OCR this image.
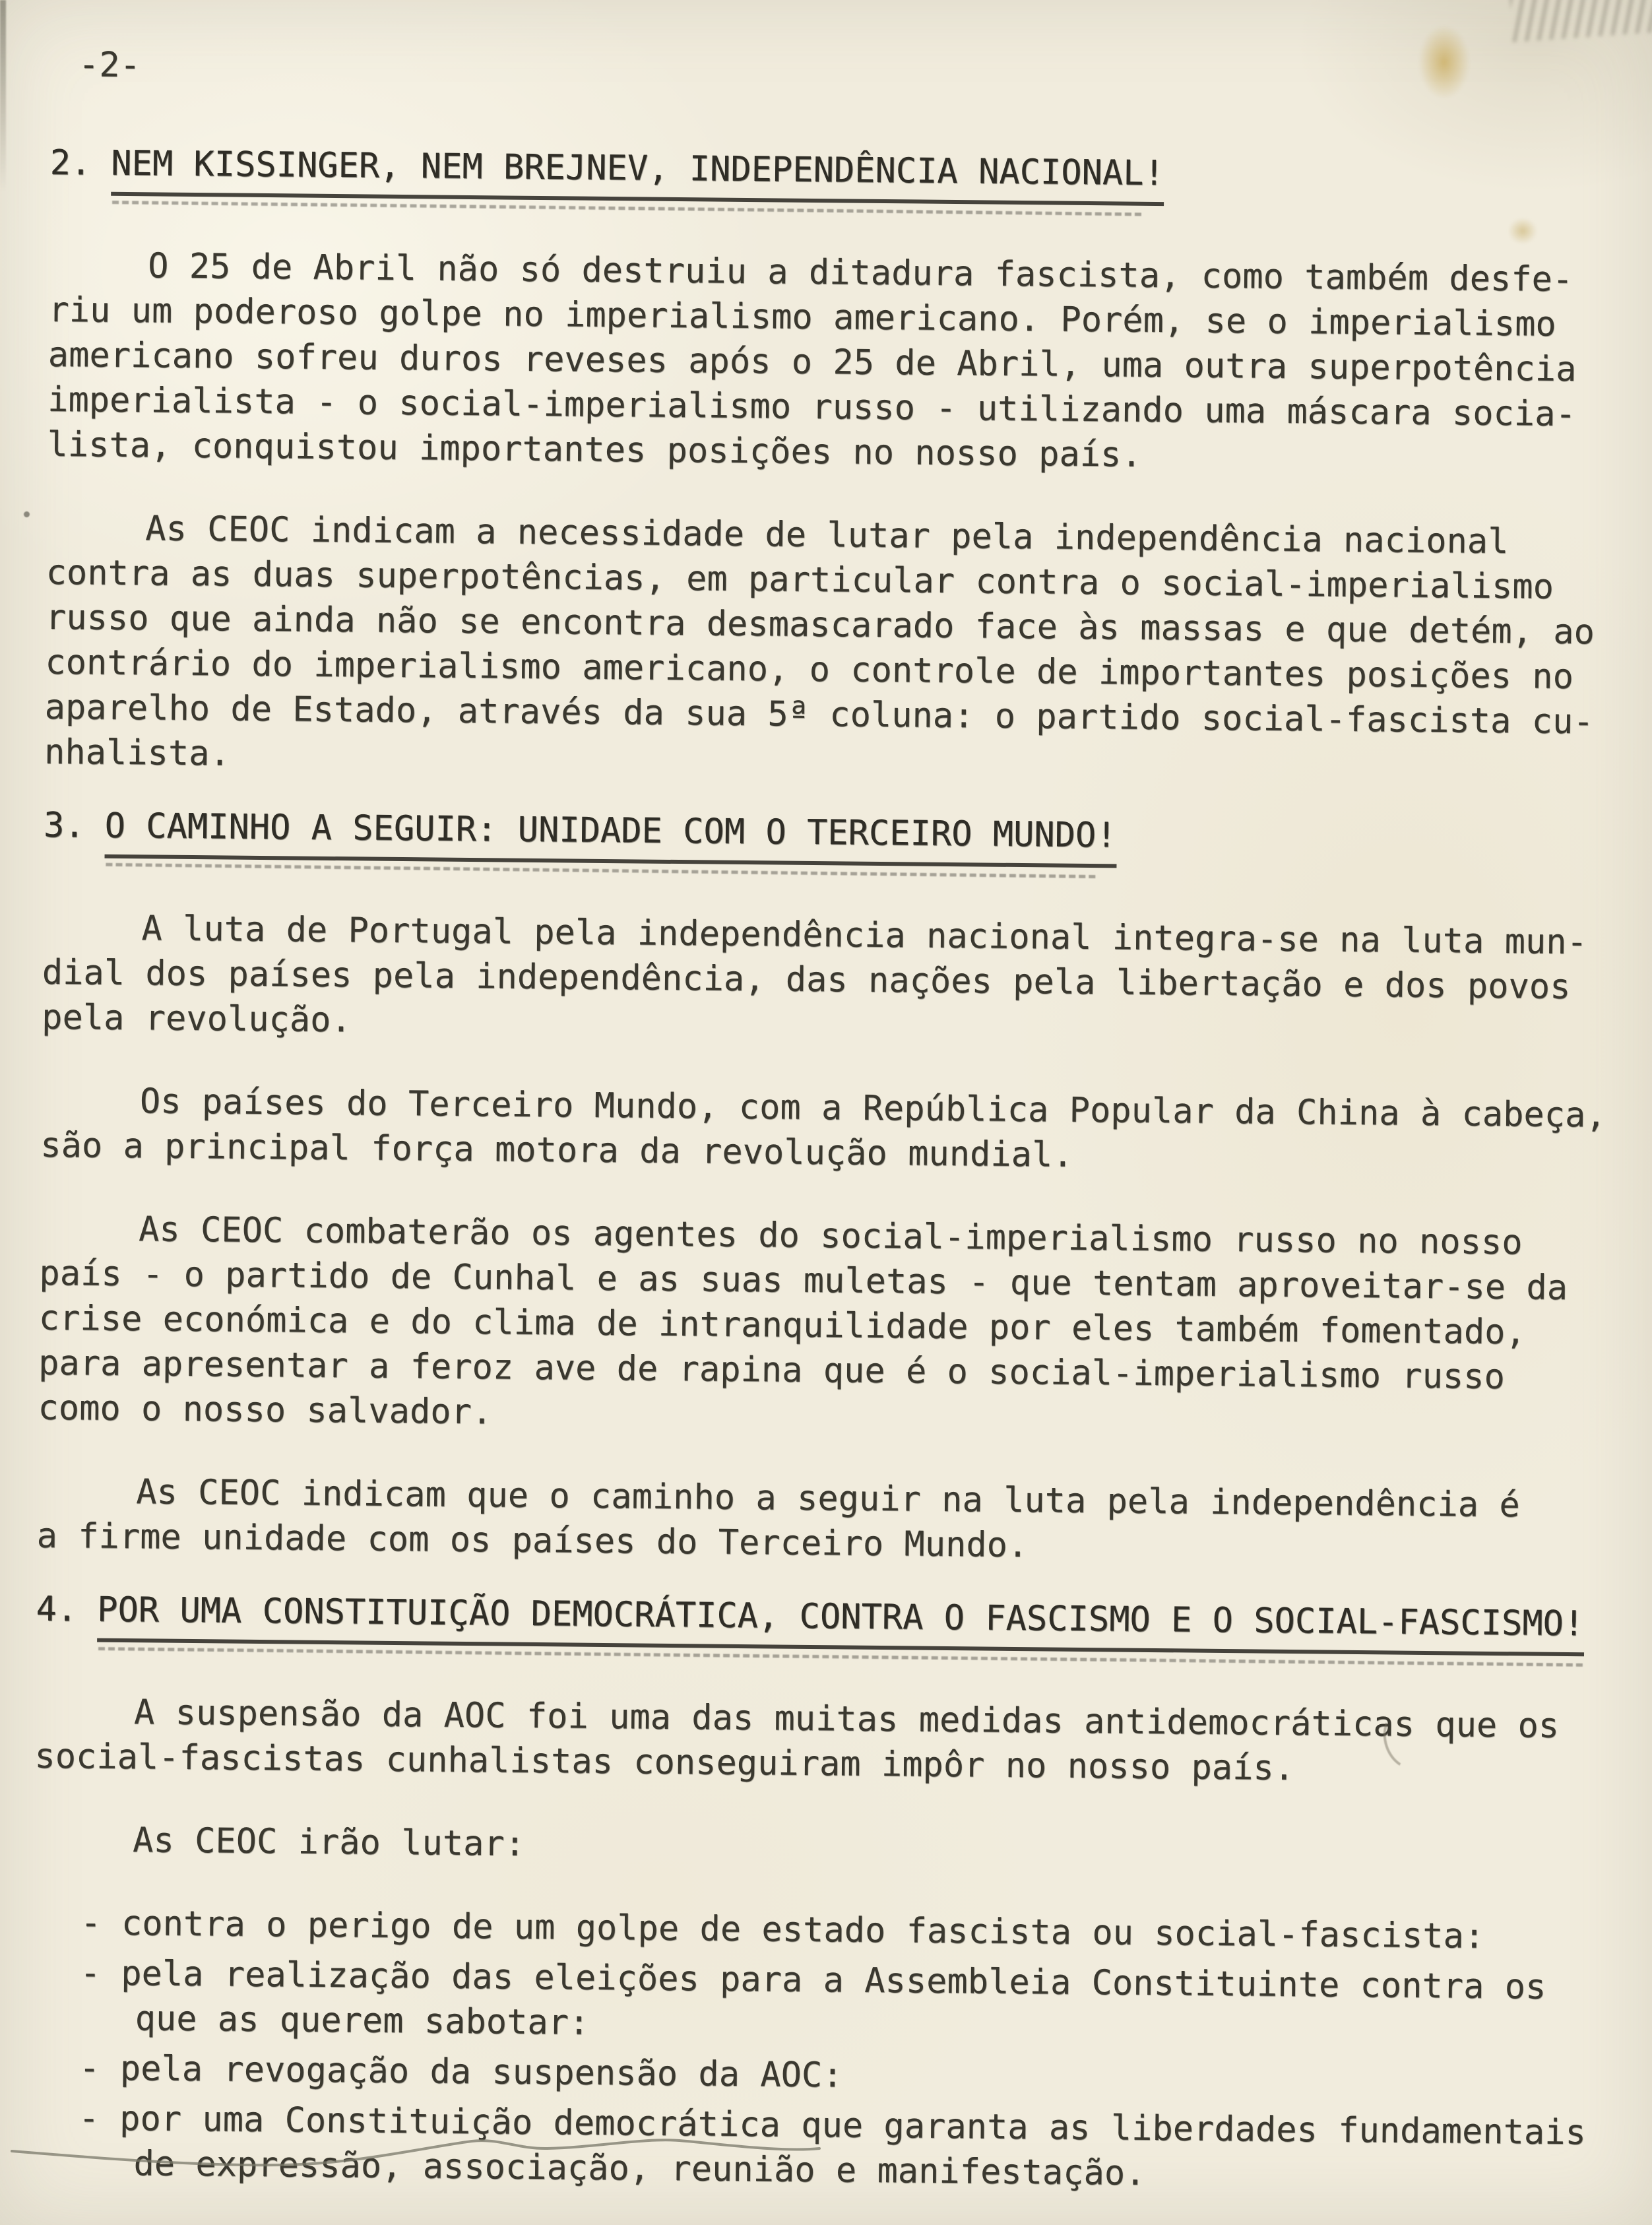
-2-
2. NEM KISSINGER, NEM BREJNEV, INDEPENDÊNCIA NACIONAL!

O 25 de Abril não só destruiu a ditadura fascista, como também desfe-
riu um poderoso golpe no imperialismo americano. Porém, se o imperialismo
americano sofreu duros reveses após o 25 de Abril, uma outra superpotência
imperialista - o social-imperialismo russo - utilizando uma máscara socia-
lista, conquistou importantes posições no nosso país.

As CEOC indicam a necessidade de lutar pela independência nacional
contra as duas superpotências, em particular contra o social-imperialismo
russo que ainda não se encontra desmascarado face às massas e que detém, ao
contrário do imperialismo americano, o controle de importantes posições no
aparelho de Estado, através da sua 5ª coluna: o partido social-fascista cu-
nhalista.

3. O CAMINHO A SEGUIR: UNIDADE COM O TERCEIRO MUNDO!

A luta de Portugal pela independência nacional integra-se na luta mun-
dial dos países pela independência, das nações pela libertação e dos povos
pela revolução.

Os países do Terceiro Mundo, com a República Popular da China à cabeça,
são a principal força motora da revolução mundial.

As CEOC combaterão os agentes do social-imperialismo russo no nosso
país - o partido de Cunhal e as suas muletas - que tentam aproveitar-se da
crise económica e do clima de intranquilidade por eles também fomentado,
para apresentar a feroz ave de rapina que é o social-imperialismo russo
como o nosso salvador.

As CEOC indicam que o caminho a seguir na luta pela independência é
a firme unidade com os países do Terceiro Mundo.

4. POR UMA CONSTITUIÇÃO DEMOCRÁTICA, CONTRA O FASCISMO E O SOCIAL-FASCISMO!

A suspensão da AOC foi uma das muitas medidas antidemocráticas que os
social-fascistas cunhalistas conseguiram impôr no nosso país.

As CEOC irão lutar:

- contra o perigo de um golpe de estado fascista ou social-fascista:
- pela realização das eleições para a Assembleia Constituinte contra os
que as querem sabotar:
- pela revogação da suspensão da AOC:
- por uma Constituição democrática que garanta as liberdades fundamentais
de expressão, associação, reunião e manifestação.
